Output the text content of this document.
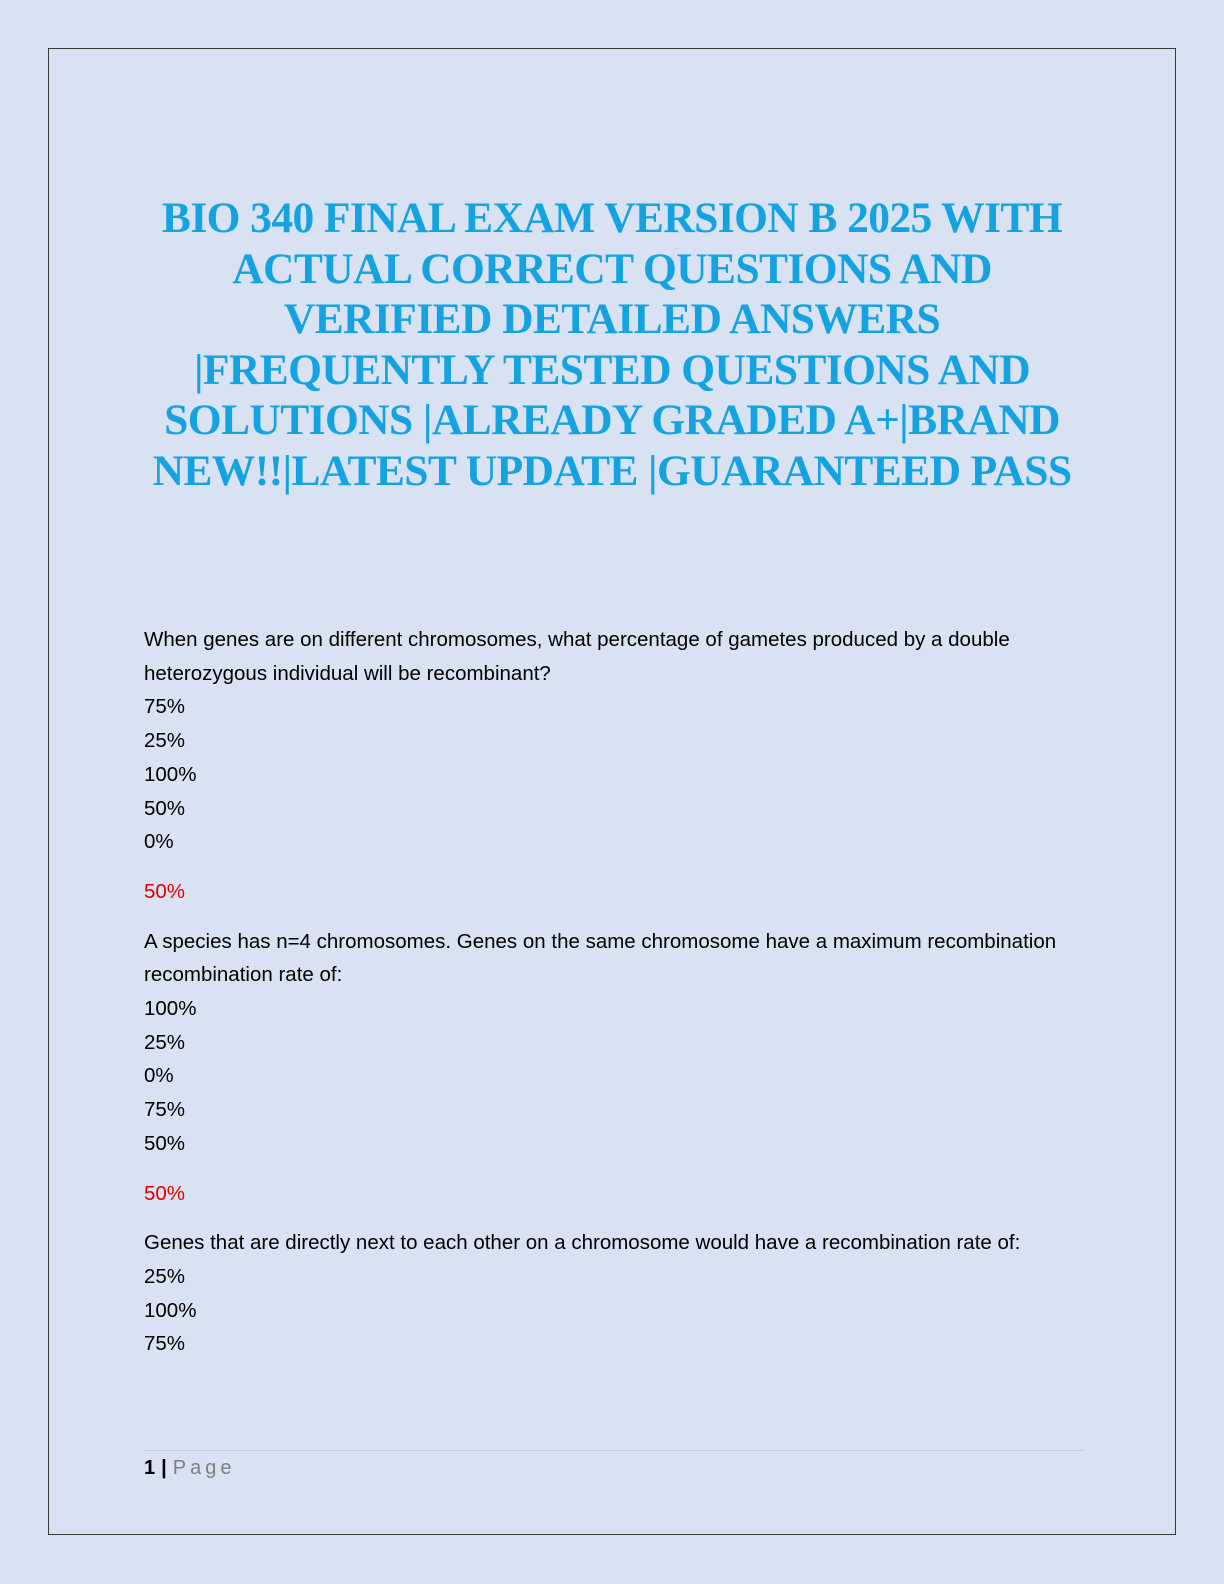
BIO 340 FINAL EXAM VERSION B 2025 WITH ACTUAL CORRECT QUESTIONS AND VERIFIED DETAILED ANSWERS |FREQUENTLY TESTED QUESTIONS AND SOLUTIONS |ALREADY GRADED A+|BRAND NEW!!|LATEST UPDATE |GUARANTEED PASS

When genes are on different chromosomes, what percentage of gametes produced by a double heterozygous individual will be recombinant?

75%

25%

100%

50%

0%

50%

A species has n=4 chromosomes. Genes on the same chromosome have a maximum recombination recombination rate of:

100%

25%

0%

75%

50%

50%

Genes that are directly next to each other on a chromosome would have a recombination rate of:

25%

100%

75%

1 | Page
